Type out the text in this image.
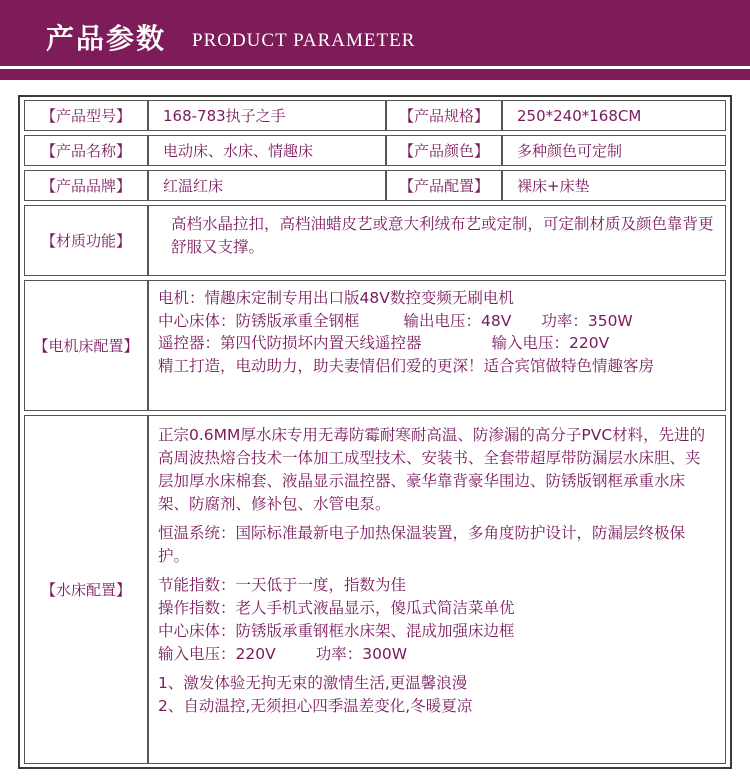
产品参数 PRODUCT PARAMETER
【产品型号】	168-783执子之手	【产品规格】	250*240*168CM
【产品名称】	电动床、水床、情趣床	【产品颜色】	多种颜色可定制
【产品品牌】	红温红床	【产品配置】	裸床+床垫
【材质功能】
高档水晶拉扣，高档油蜡皮艺或意大利绒布艺或定制，可定制材质及颜色靠背更舒服又支撑。
【电机床配置】

电机：情趣床定制专用出口版48V数控变频无刷电机

中心床体：防锈版承重全钢框	输出电压：48V 功率：350W

遥控器：第四代防损坏内置天线遥控器	输入电压：220V

精工打造，电动助力，助夫妻情侣们爱的更深！适合宾馆做特色情趣客房

【水床配置】

正宗0.6MM厚水床专用无毒防霉耐寒耐高温、防渗漏的高分子PVC材料，先进的高周波热熔合技术一体加工成型技术、安装书、全套带超厚带防漏层水床胆、夹层加厚水床棉套、液晶显示温控器、豪华靠背豪华围边、防锈版钢框承重水床架、防腐剂、修补包、水管电泵。

恒温系统：国际标准最新电子加热保温装置，多角度防护设计，防漏层终极保护。

节能指数：一天低于一度，指数为佳

操作指数：老人手机式液晶显示，傻瓜式简洁菜单优

中心床体：防锈版承重钢框水床架、混成加强床边框

输入电压：220V	功率：300W

1、激发体验无拘无束的激情生活,更温馨浪漫

2、自动温控,无须担心四季温差变化,冬暖夏凉
